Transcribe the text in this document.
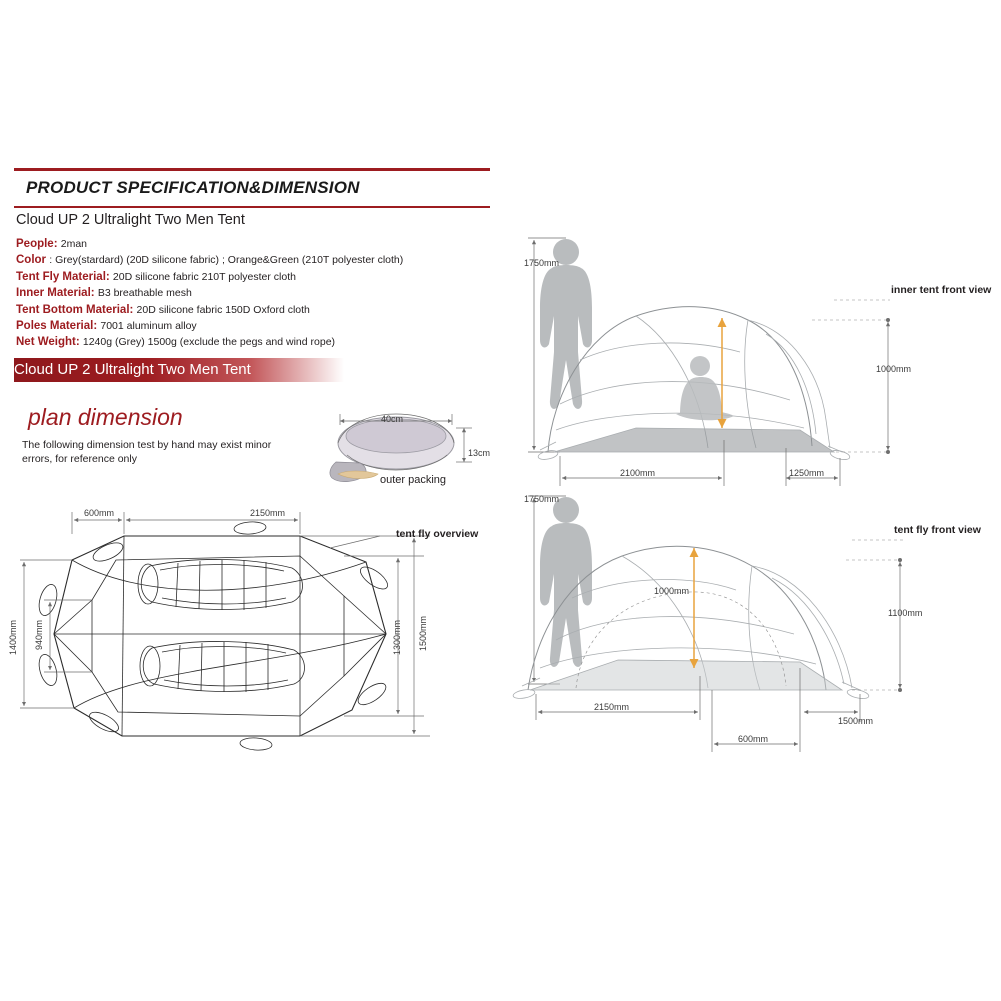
PRODUCT SPECIFICATION&DIMENSION
Cloud UP 2 Ultralight Two Men Tent
People: 2man
Color : Grey(stardard) (20D silicone fabric) ; Orange&Green (210T polyester cloth)
Tent Fly Material: 20D silicone fabric 210T polyester cloth
Inner Material: B3 breathable mesh
Tent Bottom Material: 20D silicone fabric 150D Oxford cloth
Poles Material: 7001 aluminum alloy
Net Weight: 1240g (Grey) 1500g (exclude the pegs and wind rope)
Cloud UP 2 Ultralight Two Men Tent
plan dimension
The following dimension test by hand may exist minor errors, for reference only
outer packing
40cm
13cm
tent fly overview
inner tent front view
tent fly front view
600mm	2150mm
1400mm 940mm	1500mm
1300mm
1750mm
1000mm
2100mm	1250mm
1750mm
1000mm
1100mm
2150mm
600mm
1500mm
